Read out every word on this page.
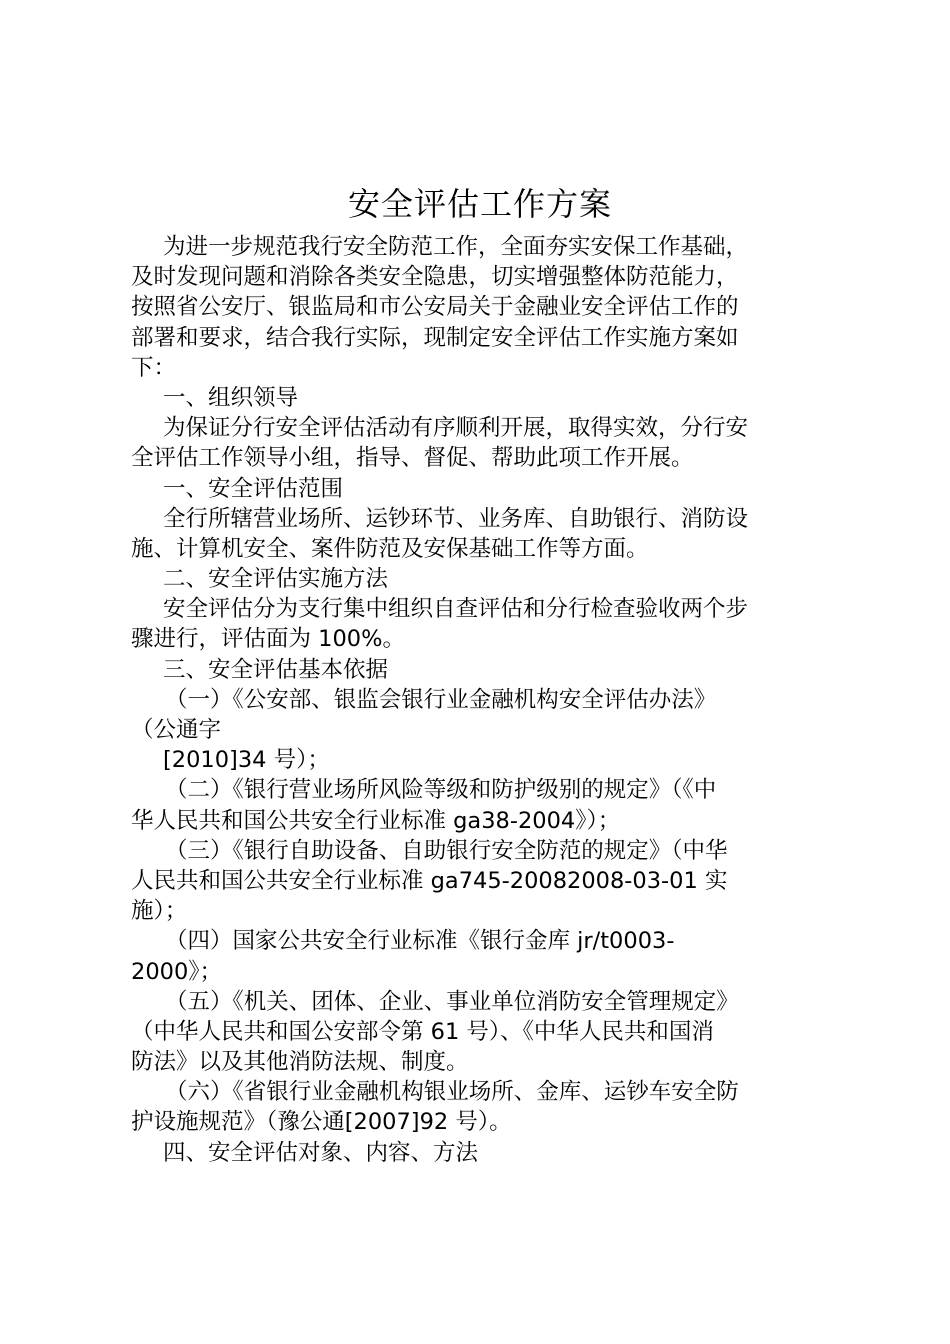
安全评估工作方案
为进一步规范我行安全防范工作，全面夯实安保工作基础，
及时发现问题和消除各类安全隐患，切实增强整体防范能力，
按照省公安厅、银监局和市公安局关于金融业安全评估工作的
部署和要求，结合我行实际，现制定安全评估工作实施方案如
下：
一、组织领导
为保证分行安全评估活动有序顺利开展，取得实效，分行安
全评估工作领导小组，指导、督促、帮助此项工作开展。
一、安全评估范围
全行所辖营业场所、运钞环节、业务库、自助银行、消防设
施、计算机安全、案件防范及安保基础工作等方面。
二、安全评估实施方法
安全评估分为支行集中组织自查评估和分行检查验收两个步
骤进行，评估面为 100%。
三、安全评估基本依据
（一）《公安部、银监会银行业金融机构安全评估办法》
（公通字
[2010]34 号）；
（二）《银行营业场所风险等级和防护级别的规定》（《中
华人民共和国公共安全行业标准 ga38-2004》）；
（三）《银行自助设备、自助银行安全防范的规定》（中华
人民共和国公共安全行业标准 ga745-20082008-03-01 实
施）；
（四）国家公共安全行业标准《银行金库 jr/t0003-
2000》；
（五）《机关、团体、企业、事业单位消防安全管理规定》
（中华人民共和国公安部令第 61 号）、《中华人民共和国消
防法》以及其他消防法规、制度。
（六）《省银行业金融机构银业场所、金库、运钞车安全防
护设施规范》（豫公通[2007]92 号）。
四、安全评估对象、内容、方法
